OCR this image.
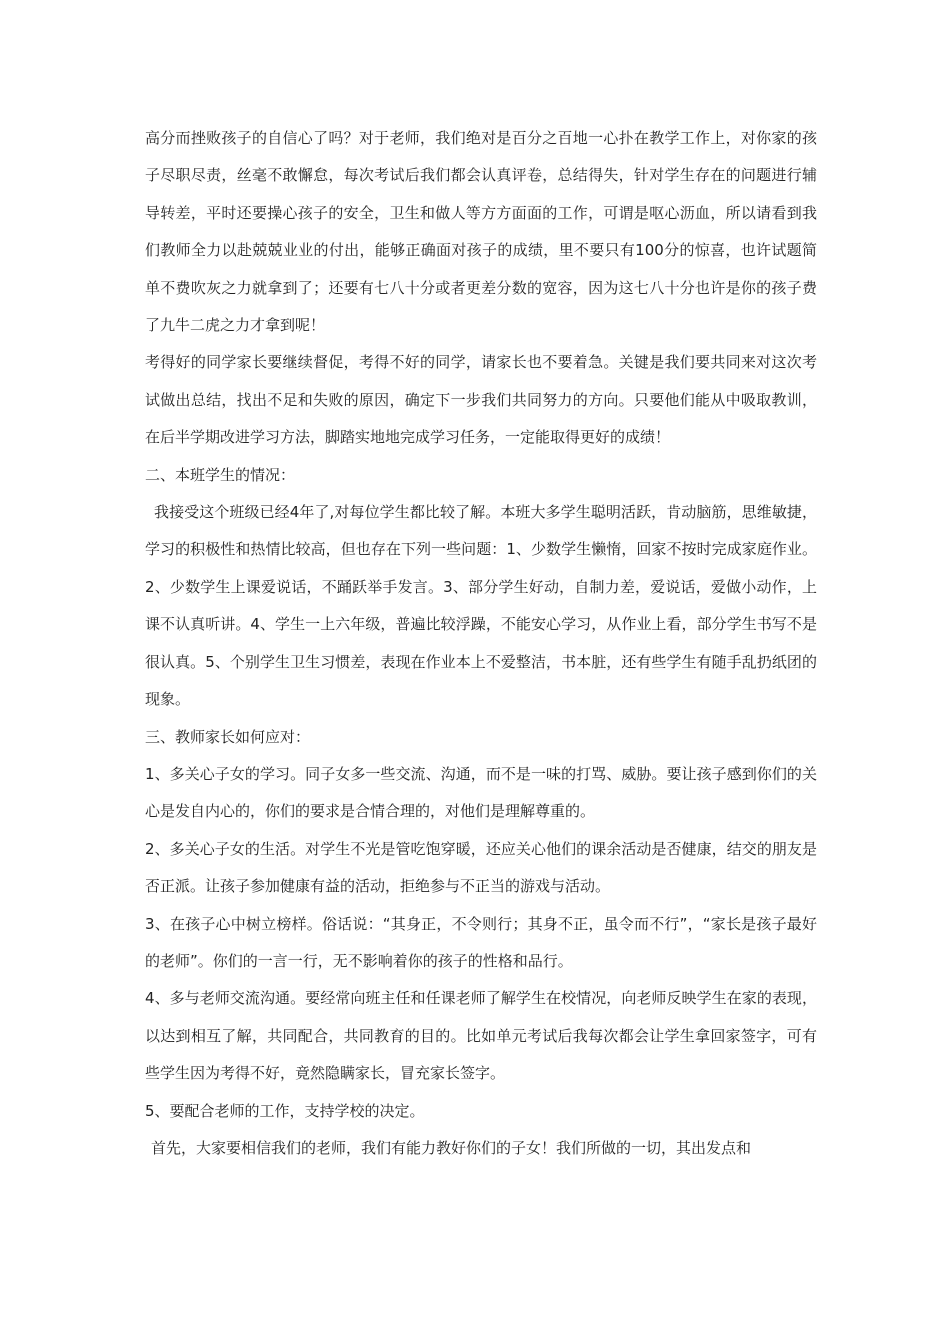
高分而挫败孩子的自信心了吗？对于老师，我们绝对是百分之百地一心扑在教学工作上，对你家的孩子尽职尽责，丝毫不敢懈怠，每次考试后我们都会认真评卷，总结得失，针对学生存在的问题进行辅导转差，平时还要操心孩子的安全，卫生和做人等方方面面的工作，可谓是呕心沥血，所以请看到我们教师全力以赴兢兢业业的付出，能够正确面对孩子的成绩，里不要只有100分的惊喜，也许试题简单不费吹灰之力就拿到了；还要有七八十分或者更差分数的宽容，因为这七八十分也许是你的孩子费了九牛二虎之力才拿到呢！

考得好的同学家长要继续督促，考得不好的同学，请家长也不要着急。关键是我们要共同来对这次考试做出总结，找出不足和失败的原因，确定下一步我们共同努力的方向。只要他们能从中吸取教训，在后半学期改进学习方法，脚踏实地地完成学习任务，一定能取得更好的成绩！

二、本班学生的情况：

我接受这个班级已经4年了,对每位学生都比较了解。本班大多学生聪明活跃，肯动脑筋，思维敏捷，学习的积极性和热情比较高，但也存在下列一些问题：1、少数学生懒惰，回家不按时完成家庭作业。2、少数学生上课爱说话，不踊跃举手发言。3、部分学生好动，自制力差，爱说话，爱做小动作，上课不认真听讲。4、学生一上六年级，普遍比较浮躁，不能安心学习，从作业上看，部分学生书写不是很认真。5、个别学生卫生习惯差，表现在作业本上不爱整洁，书本脏，还有些学生有随手乱扔纸团的现象。

三、教师家长如何应对：

1、多关心子女的学习。同子女多一些交流、沟通，而不是一味的打骂、威胁。要让孩子感到你们的关心是发自内心的，你们的要求是合情合理的，对他们是理解尊重的。

2、多关心子女的生活。对学生不光是管吃饱穿暖，还应关心他们的课余活动是否健康，结交的朋友是否正派。让孩子参加健康有益的活动，拒绝参与不正当的游戏与活动。

3、在孩子心中树立榜样。俗话说：“其身正，不令则行；其身不正，虽令而不行”，“家长是孩子最好的老师”。你们的一言一行，无不影响着你的孩子的性格和品行。

4、多与老师交流沟通。要经常向班主任和任课老师了解学生在校情况，向老师反映学生在家的表现，以达到相互了解，共同配合，共同教育的目的。比如单元考试后我每次都会让学生拿回家签字，可有些学生因为考得不好，竟然隐瞒家长，冒充家长签字。

5、要配合老师的工作，支持学校的决定。

首先，大家要相信我们的老师，我们有能力教好你们的子女！我们所做的一切，其出发点和
